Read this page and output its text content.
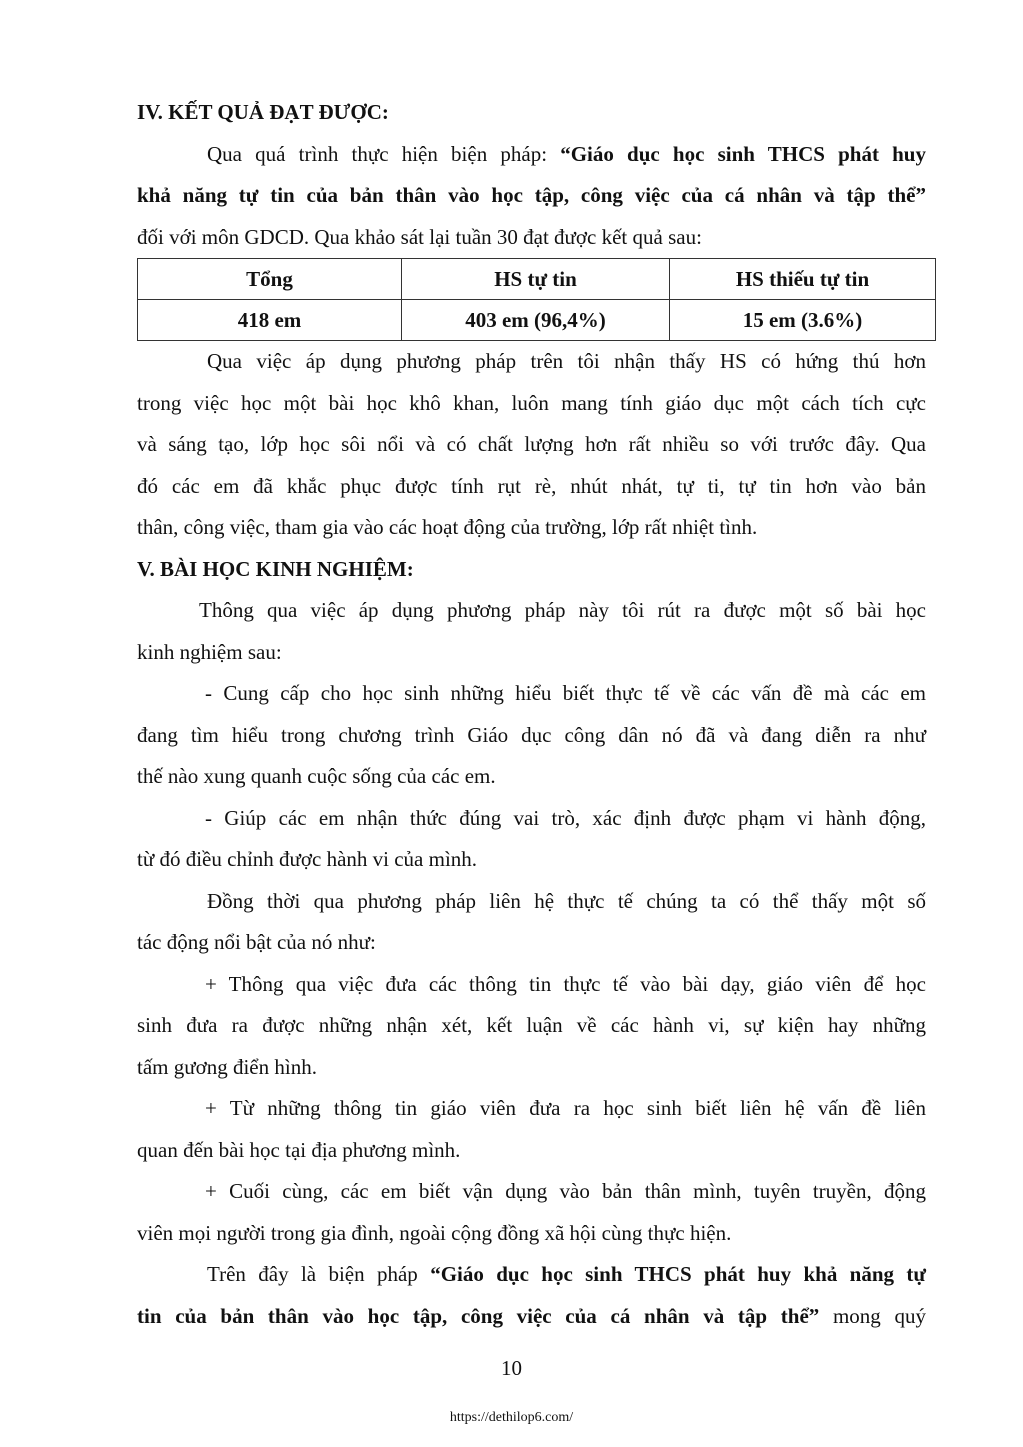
IV. KẾT QUẢ ĐẠT ĐƯỢC:
Qua quá trình thực hiện biện pháp: “Giáo dục học sinh THCS phát huy
khả năng tự tin của bản thân vào học tập, công việc của cá nhân và tập thể”
đối với môn GDCD. Qua khảo sát lại tuần 30 đạt được kết quả sau:
Tổng	HS tự tin	HS thiếu tự tin
418 em	403 em (96,4%)	15 em (3.6%)
Qua việc áp dụng phương pháp trên tôi nhận thấy HS có hứng thú hơn
trong việc học một bài học khô khan, luôn mang tính giáo dục một cách tích cực
và sáng tạo, lớp học sôi nổi và có chất lượng hơn rất nhiều so với trước đây. Qua
đó các em đã khắc phục được tính rụt rè, nhút nhát, tự ti, tự tin hơn vào bản
thân, công việc, tham gia vào các hoạt động của trường, lớp rất nhiệt tình.
V. BÀI HỌC KINH NGHIỆM:
Thông qua việc áp dụng phương pháp này tôi rút ra được một số bài học
kinh nghiệm sau:
- Cung cấp cho học sinh những hiểu biết thực tế về các vấn đề mà các em
đang tìm hiểu trong chương trình Giáo dục công dân nó đã và đang diễn ra như
thế nào xung quanh cuộc sống của các em.
- Giúp các em nhận thức đúng vai trò, xác định được phạm vi hành động,
từ đó điều chỉnh được hành vi của mình.
Đồng thời qua phương pháp liên hệ thực tế chúng ta có thể thấy một số
tác động nổi bật của nó như:
+ Thông qua việc đưa các thông tin thực tế vào bài dạy, giáo viên để học
sinh đưa ra được những nhận xét, kết luận về các hành vi, sự kiện hay những
tấm gương điển hình.
+ Từ những thông tin giáo viên đưa ra học sinh biết liên hệ vấn đề liên
quan đến bài học tại địa phương mình.
+ Cuối cùng, các em biết vận dụng vào bản thân mình, tuyên truyền, động
viên mọi người trong gia đình, ngoài cộng đồng xã hội cùng thực hiện.
Trên đây là biện pháp “Giáo dục học sinh THCS phát huy khả năng tự
tin của bản thân vào học tập, công việc của cá nhân và tập thể” mong quý
10
https://dethilop6.com/
